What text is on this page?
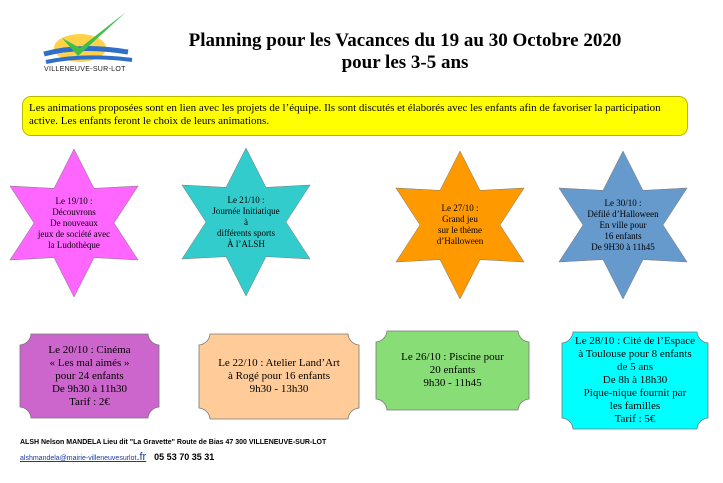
VILLENEUVE-SUR-LOT
Planning pour les Vacances du 19 au 30 Octobre 2020
pour les 3-5 ans
Les animations proposées sont en lien avec les projets de l’équipe. Ils sont discutés et élaborés avec les enfants afin de favoriser la participation active. Les enfants feront le choix de leurs animations.
Le 19/10 :
Découvrons
De nouveaux
jeux de société avec
la Ludothèque
Le 21/10 :
Journée Initiatique
à
différents sports
À l’ALSH
Le 27/10 :
Grand jeu
sur le thème
d’Halloween
Le 30/10 :
Défilé d’Halloween
En ville pour
16 enfants
De 9H30 à 11h45
Le 20/10 : Cinéma
« Les mal aimés »
pour 24 enfants
De 9h30 à 11h30
Tarif : 2€
Le 22/10 : Atelier Land’Art
à Rogé pour 16 enfants
9h30 - 13h30
Le 26/10 : Piscine pour
20 enfants
9h30 - 11h45
Le 28/10 : Cité de l’Espace
à Toulouse pour 8 enfants
de 5 ans
De 8h à 18h30
Pique-nique fournit par
les familles
Tarif : 5€
ALSH Nelson MANDELA Lieu dit "La Gravette" Route de Bias 47 300 VILLENEUVE-SUR-LOT
alshmandela@mairie-villeneuvesurlot.fr 05 53 70 35 31
